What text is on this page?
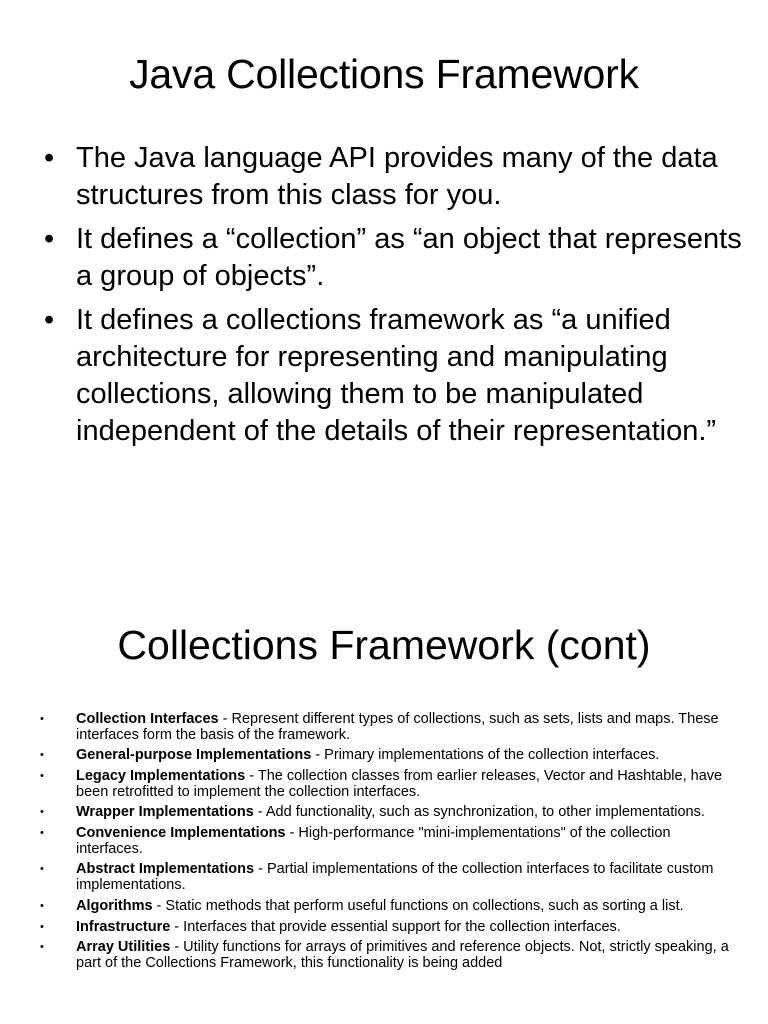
Java Collections Framework
• The Java language API provides many of the data structures from this class for you.
• It defines a “collection” as “an object that represents a group of objects”.
• It defines a collections framework as “a unified architecture for representing and manipulating collections, allowing them to be manipulated independent of the details of their representation.”
Collections Framework (cont)
• Collection Interfaces - Represent different types of collections, such as sets, lists and maps. These interfaces form the basis of the framework.
• General-purpose Implementations - Primary implementations of the collection interfaces.
• Legacy Implementations - The collection classes from earlier releases, Vector and Hashtable, have been retrofitted to implement the collection interfaces.
• Wrapper Implementations - Add functionality, such as synchronization, to other implementations.
• Convenience Implementations - High-performance "mini-implementations" of the collection interfaces.
• Abstract Implementations - Partial implementations of the collection interfaces to facilitate custom implementations.
• Algorithms - Static methods that perform useful functions on collections, such as sorting a list.
• Infrastructure - Interfaces that provide essential support for the collection interfaces.
• Array Utilities - Utility functions for arrays of primitives and reference objects. Not, strictly speaking, a part of the Collections Framework, this functionality is being added
